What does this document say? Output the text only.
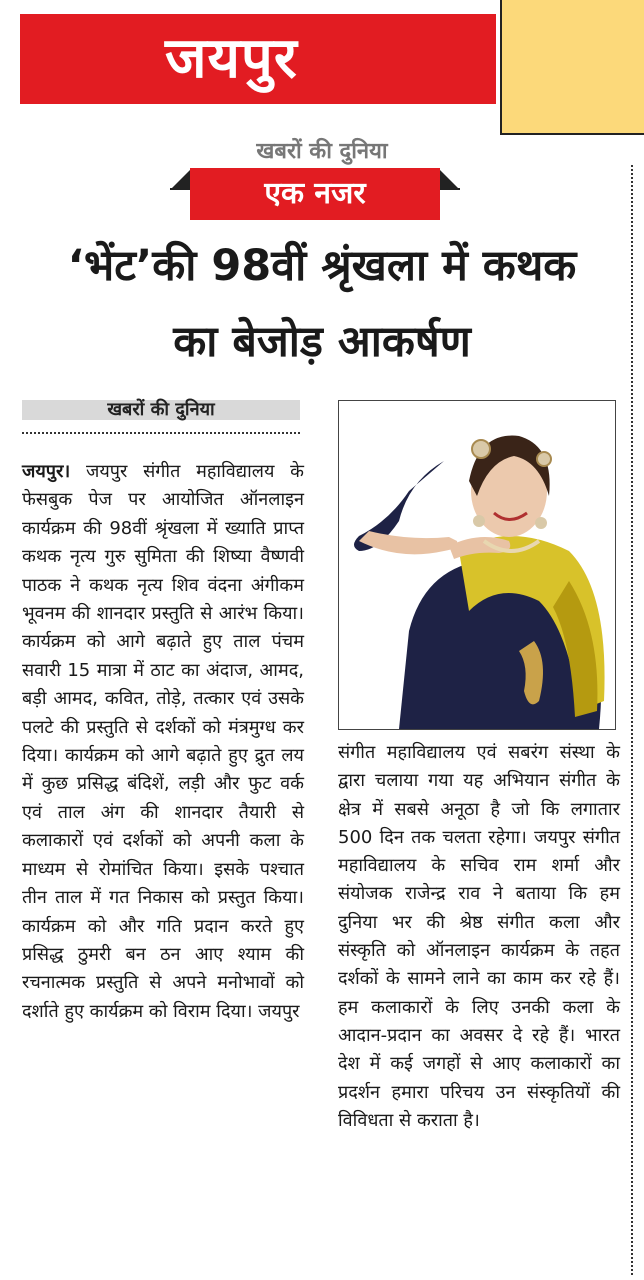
जयपुर
खबरों की दुनिया
एक नजर
‘भेंट’की 98वीं श्रृंखला में कथक
का बेजोड़ आकर्षण
खबरों की दुनिया
जयपुर। जयपुर संगीत महाविद्यालय के फेसबुक पेज पर आयोजित ऑनलाइन कार्यक्रम की 98वीं श्रृंखला में ख्याति प्राप्त कथक नृत्य गुरु सुमिता की शिष्या वैष्णवी पाठक ने कथक नृत्य शिव वंदना अंगीकम भूवनम की शानदार प्रस्तुति से आरंभ किया। कार्यक्रम को आगे बढ़ाते हुए ताल पंचम सवारी 15 मात्रा में ठाट का अंदाज, आमद, बड़ी आमद, कवित, तोड़े, तत्कार एवं उसके पलटे की प्रस्तुति से दर्शकों को मंत्रमुग्ध कर दिया। कार्यक्रम को आगे बढ़ाते हुए द्रुत लय में कुछ प्रसिद्ध बंदिशें, लड़ी और फुट वर्क एवं ताल अंग की शानदार तैयारी से कलाकारों एवं दर्शकों को अपनी कला के माध्यम से रोमांचित किया। इसके पश्चात तीन ताल में गत निकास को प्रस्तुत किया। कार्यक्रम को और गति प्रदान करते हुए प्रसिद्ध ठुमरी बन ठन आए श्याम की रचनात्मक प्रस्तुति से अपने मनोभावों को दर्शाते हुए कार्यक्रम को विराम दिया। जयपुर
संगीत महाविद्यालय एवं सबरंग संस्था के द्वारा चलाया गया यह अभियान संगीत के क्षेत्र में सबसे अनूठा है जो कि लगातार 500 दिन तक चलता रहेगा। जयपुर संगीत महाविद्यालय के सचिव राम शर्मा और संयोजक राजेन्द्र राव ने बताया कि हम दुनिया भर की श्रेष्ठ संगीत कला और संस्कृति को ऑनलाइन कार्यक्रम के तहत दर्शकों के सामने लाने का काम कर रहे हैं। हम कलाकारों के लिए उनकी कला के आदान-प्रदान का अवसर दे रहे हैं। भारत देश में कई जगहों से आए कलाकारों का प्रदर्शन हमारा परिचय उन संस्कृतियों की विविधता से कराता है।
